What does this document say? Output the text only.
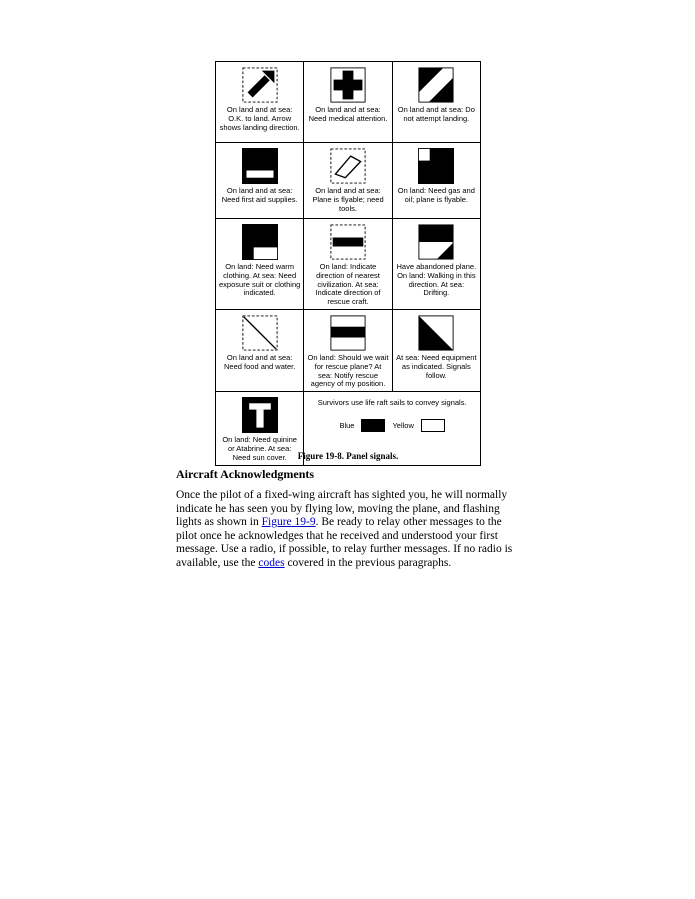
On land and at sea: O.K. to land. Arrow shows landing direction.	On land and at sea: Need medical attention.	On land and at sea: Do not attempt landing.

On land and at sea: Need first aid supplies.	On land and at sea: Plane is flyable; need tools.	On land: Need gas and oil; plane is flyable.

On land: Need warm clothing. At sea: Need exposure suit or clothing indicated.	On land: Indicate direction of nearest civilization. At sea: Indicate direction of rescue craft.	Have abandoned plane. On land: Walking in this direction. At sea: Drifting.

On land and at sea: Need food and water.	On land: Should we wait for rescue plane? At sea: Notify rescue agency of my position.	At sea: Need equipment as indicated. Signals follow.

On land: Need quinine or Atabrine. At sea: Need sun cover.	Survivors use life raft sails to convey signals.
Blue Yellow	
Figure 19-8. Panel signals.
Aircraft Acknowledgments

Once the pilot of a fixed-wing aircraft has sighted you, he will normally indicate he has seen you by flying low, moving the plane, and flashing lights as shown in Figure 19-9. Be ready to relay other messages to the pilot once he acknowledges that he received and understood your first message. Use a radio, if possible, to relay further messages. If no radio is available, use the codes covered in the previous paragraphs.
